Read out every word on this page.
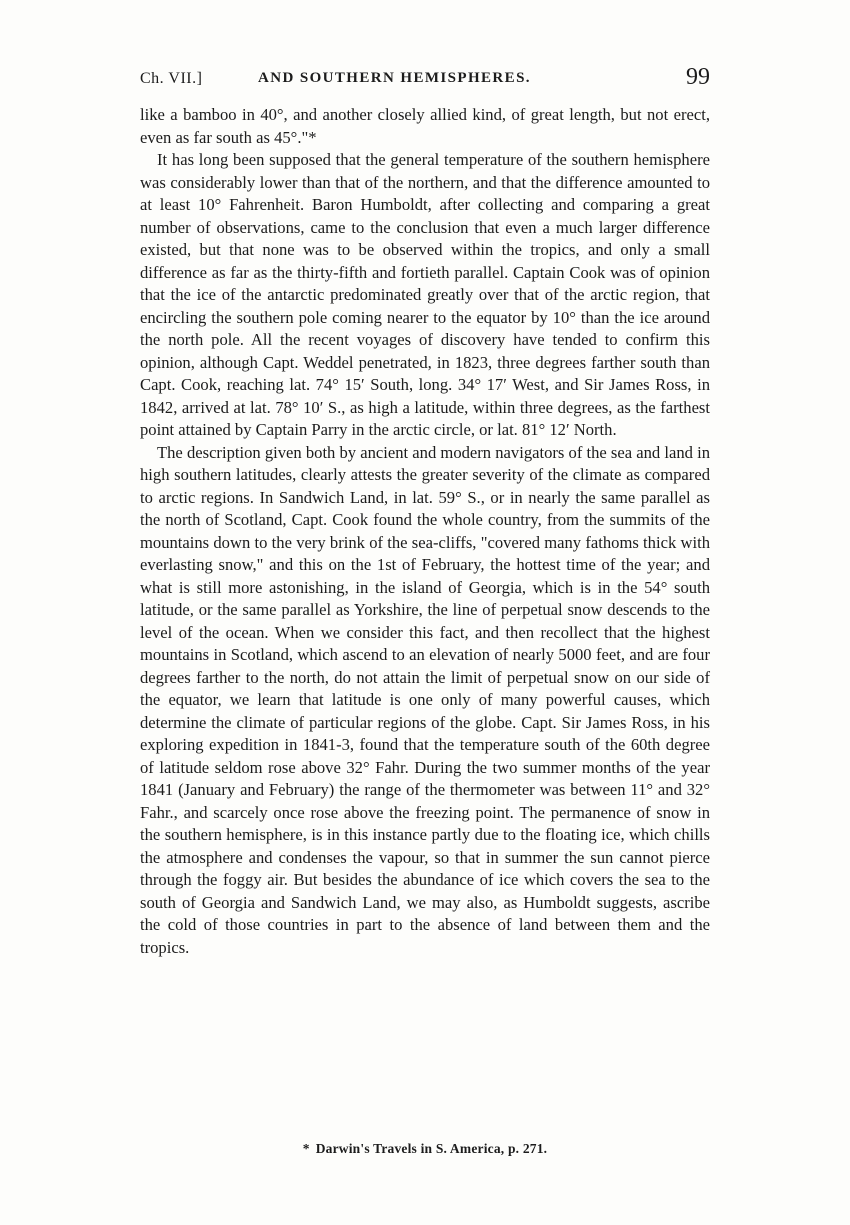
Ch. VII.]	AND SOUTHERN HEMISPHERES.	99

like a bamboo in 40°, and another closely allied kind, of great length, but not erect, even as far south as 45°."*

It has long been supposed that the general temperature of the southern hemisphere was considerably lower than that of the northern, and that the difference amounted to at least 10° Fahrenheit. Baron Humboldt, after collecting and comparing a great number of observations, came to the conclusion that even a much larger difference existed, but that none was to be observed within the tropics, and only a small difference as far as the thirty-fifth and fortieth parallel. Captain Cook was of opinion that the ice of the antarctic predominated greatly over that of the arctic region, that encircling the southern pole coming nearer to the equator by 10° than the ice around the north pole. All the recent voyages of discovery have tended to confirm this opinion, although Capt. Weddel penetrated, in 1823, three degrees farther south than Capt. Cook, reaching lat. 74° 15′ South, long. 34° 17′ West, and Sir James Ross, in 1842, arrived at lat. 78° 10′ S., as high a latitude, within three degrees, as the farthest point attained by Captain Parry in the arctic circle, or lat. 81° 12′ North.

The description given both by ancient and modern navigators of the sea and land in high southern latitudes, clearly attests the greater severity of the climate as compared to arctic regions. In Sandwich Land, in lat. 59° S., or in nearly the same parallel as the north of Scotland, Capt. Cook found the whole country, from the summits of the mountains down to the very brink of the sea-cliffs, "covered many fathoms thick with everlasting snow," and this on the 1st of February, the hottest time of the year; and what is still more astonishing, in the island of Georgia, which is in the 54° south latitude, or the same parallel as Yorkshire, the line of perpetual snow descends to the level of the ocean. When we consider this fact, and then recollect that the highest mountains in Scotland, which ascend to an elevation of nearly 5000 feet, and are four degrees farther to the north, do not attain the limit of perpetual snow on our side of the equator, we learn that latitude is one only of many powerful causes, which determine the climate of particular regions of the globe. Capt. Sir James Ross, in his exploring expedition in 1841-3, found that the temperature south of the 60th degree of latitude seldom rose above 32° Fahr. During the two summer months of the year 1841 (January and February) the range of the thermometer was between 11° and 32° Fahr., and scarcely once rose above the freezing point. The permanence of snow in the southern hemisphere, is in this instance partly due to the floating ice, which chills the atmosphere and condenses the vapour, so that in summer the sun cannot pierce through the foggy air. But besides the abundance of ice which covers the sea to the south of Georgia and Sandwich Land, we may also, as Humboldt suggests, ascribe the cold of those countries in part to the absence of land between them and the tropics.

* Darwin's Travels in S. America, p. 271.
